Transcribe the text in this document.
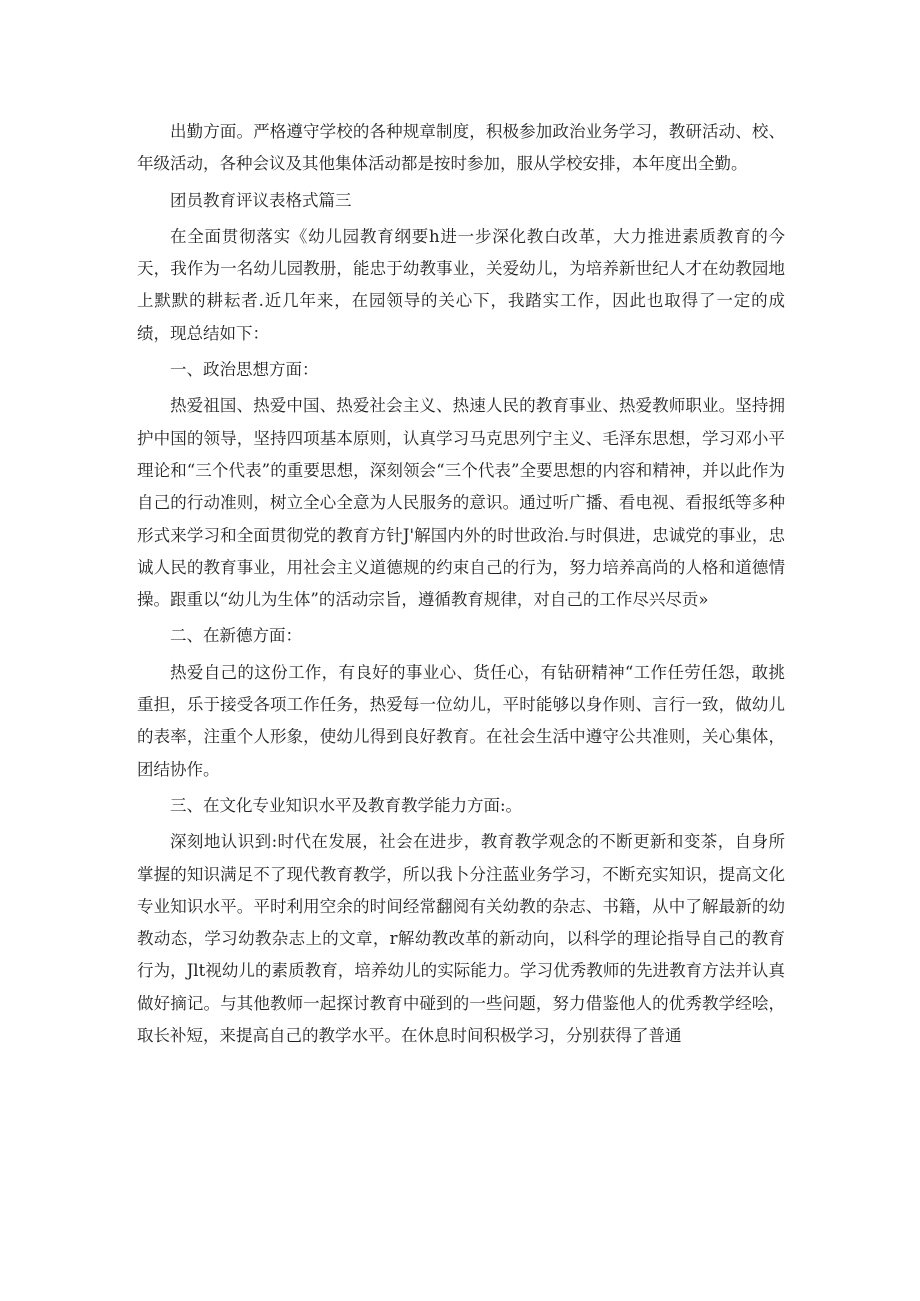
出勤方面。严格遵守学校的各种规章制度，积极参加政治业务学习，教研活动、校、年级活动，各种会议及其他集体活动都是按时参加，服从学校安排，本年度出全勤。

团员教育评议表格式篇三

在全面贯彻落实《幼儿园教育纲要h进一步深化教白改革，大力推进素质教育的今天，我作为一名幼儿园教册，能忠于幼教事业，关爱幼儿，为培养新世纪人才在幼教园地上默默的耕耘者.近几年来，在园领导的关心下，我踏实工作，因此也取得了一定的成绩，现总结如下：

一、政治思想方面：

热爱祖国、热爱中国、热爱社会主义、热速人民的教育事业、热爱教师职业。坚持拥护中国的领导，坚持四项基本原则，认真学习马克思列宁主义、毛泽东思想，学习邓小平理论和“三个代表”的重要思想，深刻领会“三个代表”全要思想的内容和精神，并以此作为自己的行动准则，树立全心全意为人民服务的意识。通过听广播、看电视、看报纸等多种形式来学习和全面贯彻党的教育方针J'解国内外的时世政治.与时俱进，忠诚党的事业，忠诚人民的教育事业，用社会主义道德规的约束自己的行为，努力培养高尚的人格和道德情操。跟重以“幼儿为生体”的活动宗旨，遵循教育规律，对自己的工作尽兴尽贡»

二、在新德方面：

热爱自己的这份工作，有良好的事业心、货任心，有钻研精神“工作任劳任怨，敢挑重担，乐于接受各项工作任务，热爱每一位幼儿，平时能够以身作则、言行一致，做幼儿的表率，注重个人形象，使幼儿得到良好教育。在社会生活中遵守公共准则，关心集体，团结协作。

三、在文化专业知识水平及教育教学能力方面:。

深刻地认识到:时代在发展，社会在进步，教育教学观念的不断更新和变茶，自身所掌握的知识满足不了现代教育教学，所以我卜分注蓝业务学习，不断充实知识，提高文化专业知识水平。平时利用空余的时间经常翻阅有关幼教的杂志、书籍，从中了解最新的幼教动态，学习幼教杂志上的文章，r解幼教改革的新动向，以科学的理论指导自己的教育行为，Jlt视幼儿的素质教育，培养幼儿的实际能力。学习优秀教师的先进教育方法并认真做好摘记。与其他教师一起探讨教育中碰到的一些问题，努力借鉴他人的优秀教学经哙，取长补短，来提高自己的教学水平。在休息时间积极学习，分别获得了普通
